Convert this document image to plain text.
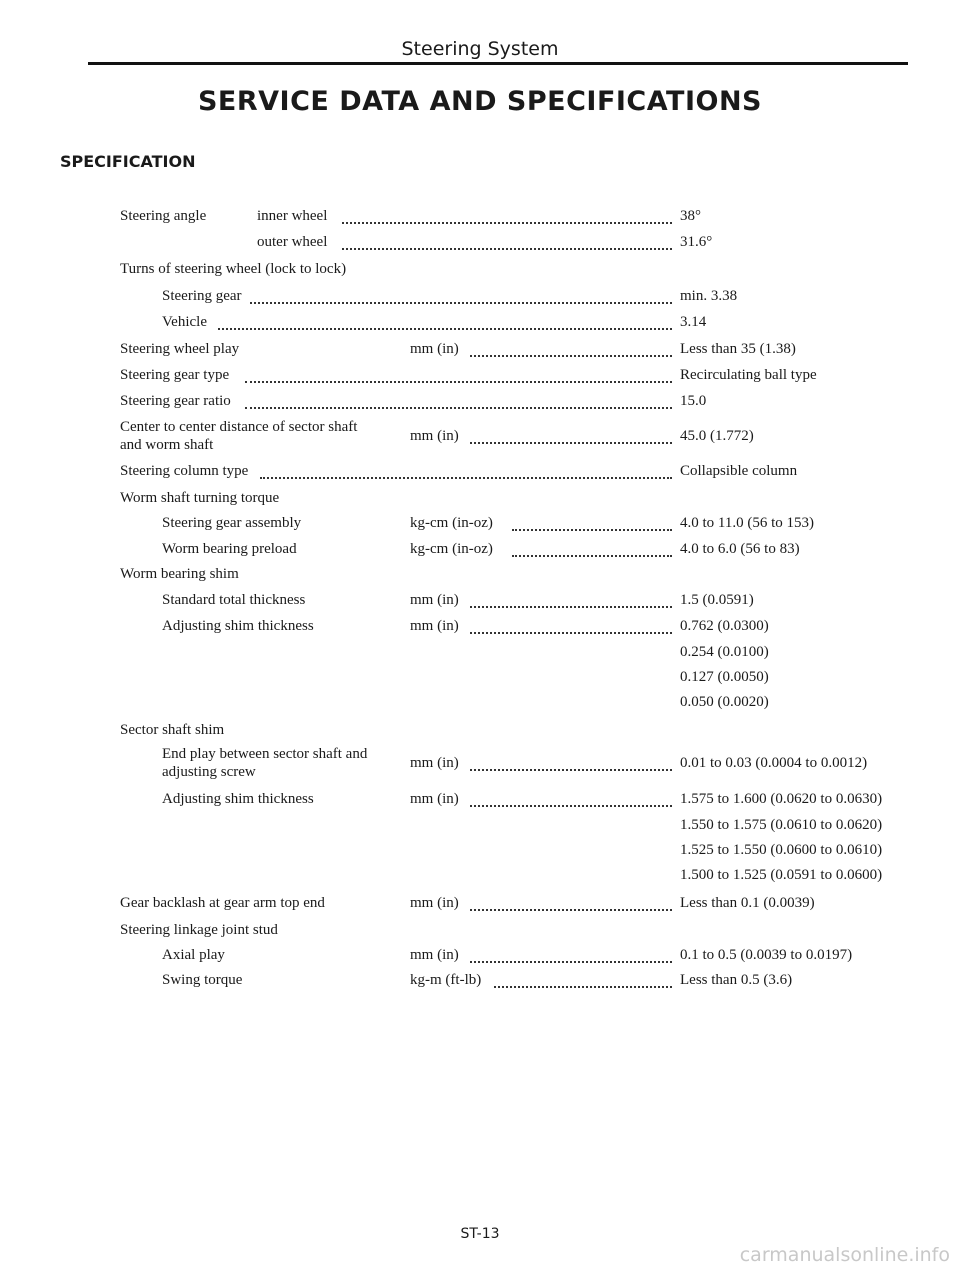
Steering System
SERVICE DATA AND SPECIFICATIONS
SPECIFICATION
Steering angle	inner wheel	38°
outer wheel	31.6°
Turns of steering wheel (lock to lock)
Steering gear	min. 3.38
Vehicle	3.14
Steering wheel play	mm (in)	Less than 35 (1.38)
Steering gear type	Recirculating ball type
Steering gear ratio	15.0
Center to center distance of sector shaft
and worm shaft
mm (in)	45.0 (1.772)
Steering column type	Collapsible column
Worm shaft turning torque
Steering gear assembly	kg-cm (in-oz)	4.0 to 11.0 (56 to 153)
Worm bearing preload	kg-cm (in-oz)	4.0 to 6.0 (56 to 83)
Worm bearing shim
Standard total thickness	mm (in)	1.5 (0.0591)
Adjusting shim thickness	mm (in)	0.762 (0.0300)
0.254 (0.0100)
0.127 (0.0050)
0.050 (0.0020)
Sector shaft shim
End play between sector shaft and
adjusting screw
mm (in)	0.01 to 0.03 (0.0004 to 0.0012)
Adjusting shim thickness	mm (in)	1.575 to 1.600 (0.0620 to 0.0630)
1.550 to 1.575 (0.0610 to 0.0620)
1.525 to 1.550 (0.0600 to 0.0610)
1.500 to 1.525 (0.0591 to 0.0600)
Gear backlash at gear arm top end	mm (in)	Less than 0.1 (0.0039)
Steering linkage joint stud
Axial play	mm (in)	0.1 to 0.5 (0.0039 to 0.0197)
Swing torque	kg-m (ft-lb)	Less than 0.5 (3.6)
ST-13
carmanualsonline.info
